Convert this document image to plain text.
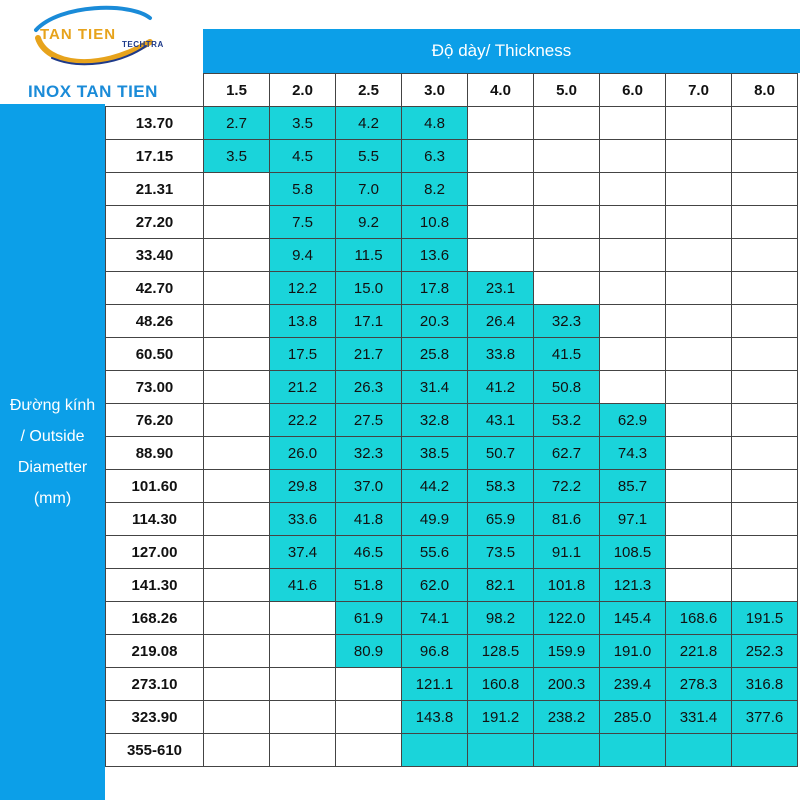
TAN TIEN
TECHTRA
INOX TAN TIEN
Độ dày/ Thickness
Đường kính
/ Outside
Diametter
(mm)
	1.5	2.0	2.5	3.0	4.0	5.0	6.0	7.0	8.0
13.70	2.7	3.5	4.2	4.8					
17.15	3.5	4.5	5.5	6.3					
21.31		5.8	7.0	8.2					
27.20		7.5	9.2	10.8					
33.40		9.4	11.5	13.6					
42.70		12.2	15.0	17.8	23.1				
48.26		13.8	17.1	20.3	26.4	32.3			
60.50		17.5	21.7	25.8	33.8	41.5			
73.00		21.2	26.3	31.4	41.2	50.8			
76.20		22.2	27.5	32.8	43.1	53.2	62.9		
88.90		26.0	32.3	38.5	50.7	62.7	74.3		
101.60		29.8	37.0	44.2	58.3	72.2	85.7		
114.30		33.6	41.8	49.9	65.9	81.6	97.1		
127.00		37.4	46.5	55.6	73.5	91.1	108.5		
141.30		41.6	51.8	62.0	82.1	101.8	121.3		
168.26			61.9	74.1	98.2	122.0	145.4	168.6	191.5
219.08			80.9	96.8	128.5	159.9	191.0	221.8	252.3
273.10				121.1	160.8	200.3	239.4	278.3	316.8
323.90				143.8	191.2	238.2	285.0	331.4	377.6
355-610									
